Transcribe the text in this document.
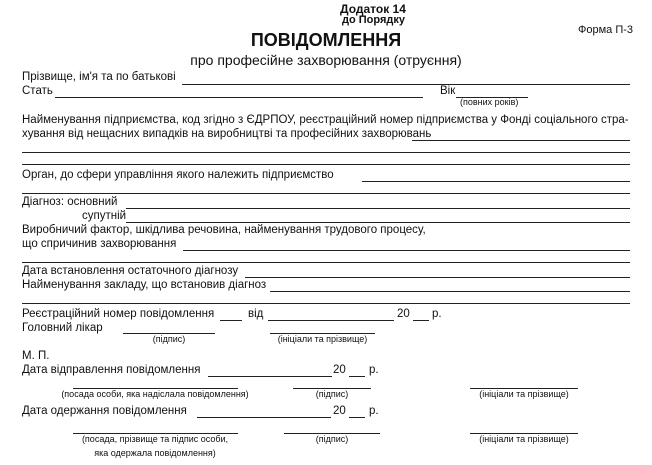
Додаток 14
до Порядку
Форма П-3
ПОВІДОМЛЕННЯ
про професійне захворювання (отруєння)
Прізвище, ім'я та по батькові
Стать	Вік
(повних років)
Найменування підприємства, код згідно з ЄДРПОУ, реєстраційний номер підприємства у Фонді соціального стра-
хування від нещасних випадків на виробництві та професійних захворювань
Орган, до сфери управління якого належить підприємство
Діагноз: основний
супутній
Виробничий фактор, шкідлива речовина, найменування трудового процесу,
що спричинив захворювання
Дата встановлення остаточного діагнозу
Найменування закладу, що встановив діагноз
Реєстраційний номер повідомлення	від	20 р.
Головний лікар
(підпис)	(ініціали та прізвище)
М. П.
Дата відправлення повідомлення	20 р.
(посада особи, яка надіслала повідомлення)	(підпис)	(ініціали та прізвище)
Дата одержання повідомлення	20 р.
(посада, прізвище та підпис особи,
яка одержала повідомлення)
(підпис)	(ініціали та прізвище)
